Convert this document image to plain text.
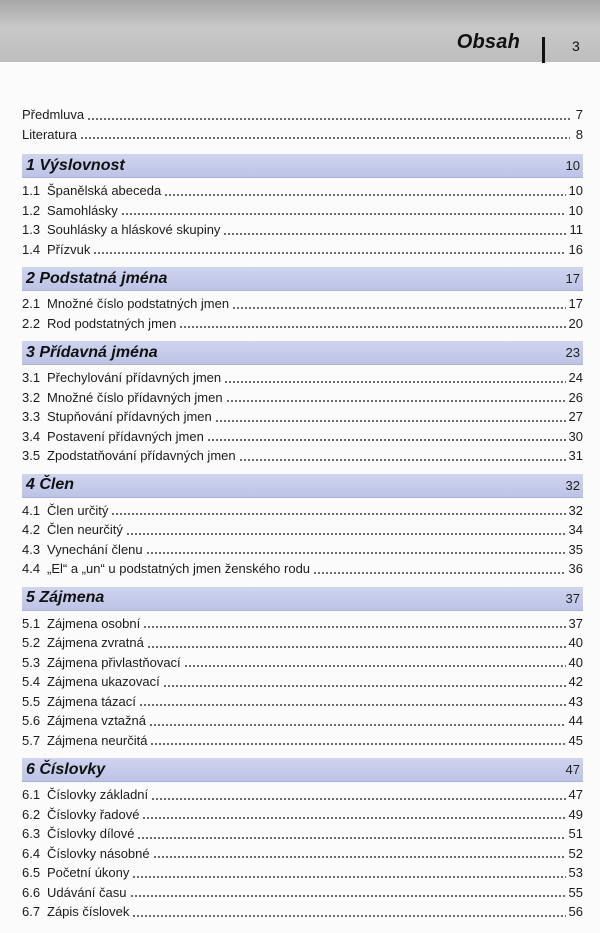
Obsah	3
Předmluva	7
Literatura	8
1 Výslovnost	10
1.1 Španělská abeceda	10
1.2 Samohlásky	10
1.3 Souhlásky a hláskové skupiny	11
1.4 Přízvuk	16
2 Podstatná jména	17
2.1 Množné číslo podstatných jmen	17
2.2 Rod podstatných jmen	20
3 Přídavná jména	23
3.1 Přechylování přídavných jmen	24
3.2 Množné číslo přídavných jmen	26
3.3 Stupňování přídavných jmen	27
3.4 Postavení přídavných jmen	30
3.5 Zpodstatňování přídavných jmen	31
4 Člen	32
4.1 Člen určitý	32
4.2 Člen neurčitý	34
4.3 Vynechání členu	35
4.4 „El“ a „un“ u podstatných jmen ženského rodu	36
5 Zájmena	37
5.1 Zájmena osobní	37
5.2 Zájmena zvratná	40
5.3 Zájmena přivlastňovací	40
5.4 Zájmena ukazovací	42
5.5 Zájmena tázací	43
5.6 Zájmena vztažná	44
5.7 Zájmena neurčitá	45
6 Číslovky	47
6.1 Číslovky základní	47
6.2 Číslovky řadové	49
6.3 Číslovky dílové	51
6.4 Číslovky násobné	52
6.5 Početní úkony	53
6.6 Udávání času	55
6.7 Zápis číslovek	56
